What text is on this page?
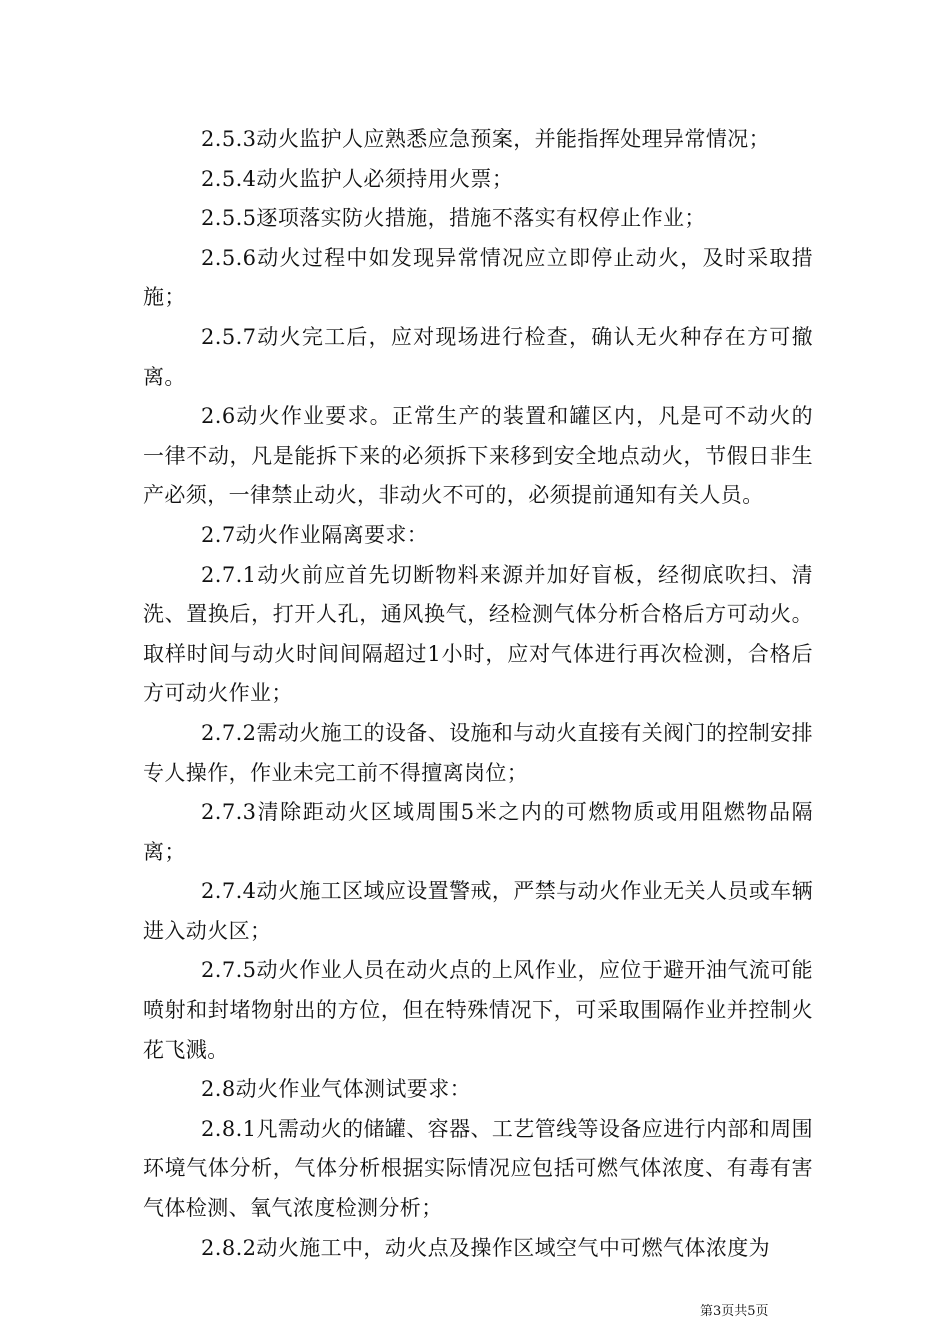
2.5.3动火监护人应熟悉应急预案，并能指挥处理异常情况；

2.5.4动火监护人必须持用火票；

2.5.5逐项落实防火措施，措施不落实有权停止作业；

2.5.6动火过程中如发现异常情况应立即停止动火，及时采取措施；

2.5.7动火完工后，应对现场进行检查，确认无火种存在方可撤离。

2.6动火作业要求。正常生产的装置和罐区内，凡是可不动火的一律不动，凡是能拆下来的必须拆下来移到安全地点动火，节假日非生产必须，一律禁止动火，非动火不可的，必须提前通知有关人员。

2.7动火作业隔离要求：

2.7.1动火前应首先切断物料来源并加好盲板，经彻底吹扫、清洗、置换后，打开人孔，通风换气，经检测气体分析合格后方可动火。取样时间与动火时间间隔超过1小时，应对气体进行再次检测，合格后方可动火作业；

2.7.2需动火施工的设备、设施和与动火直接有关阀门的控制安排专人操作，作业未完工前不得擅离岗位；

2.7.3清除距动火区域周围5米之内的可燃物质或用阻燃物品隔离；

2.7.4动火施工区域应设置警戒，严禁与动火作业无关人员或车辆进入动火区；

2.7.5动火作业人员在动火点的上风作业，应位于避开油气流可能喷射和封堵物射出的方位，但在特殊情况下，可采取围隔作业并控制火花飞溅。

2.8动火作业气体测试要求：

2.8.1凡需动火的储罐、容器、工艺管线等设备应进行内部和周围环境气体分析，气体分析根据实际情况应包括可燃气体浓度、有毒有害气体检测、氧气浓度检测分析；

2.8.2动火施工中，动火点及操作区域空气中可燃气体浓度为

第3页共5页
